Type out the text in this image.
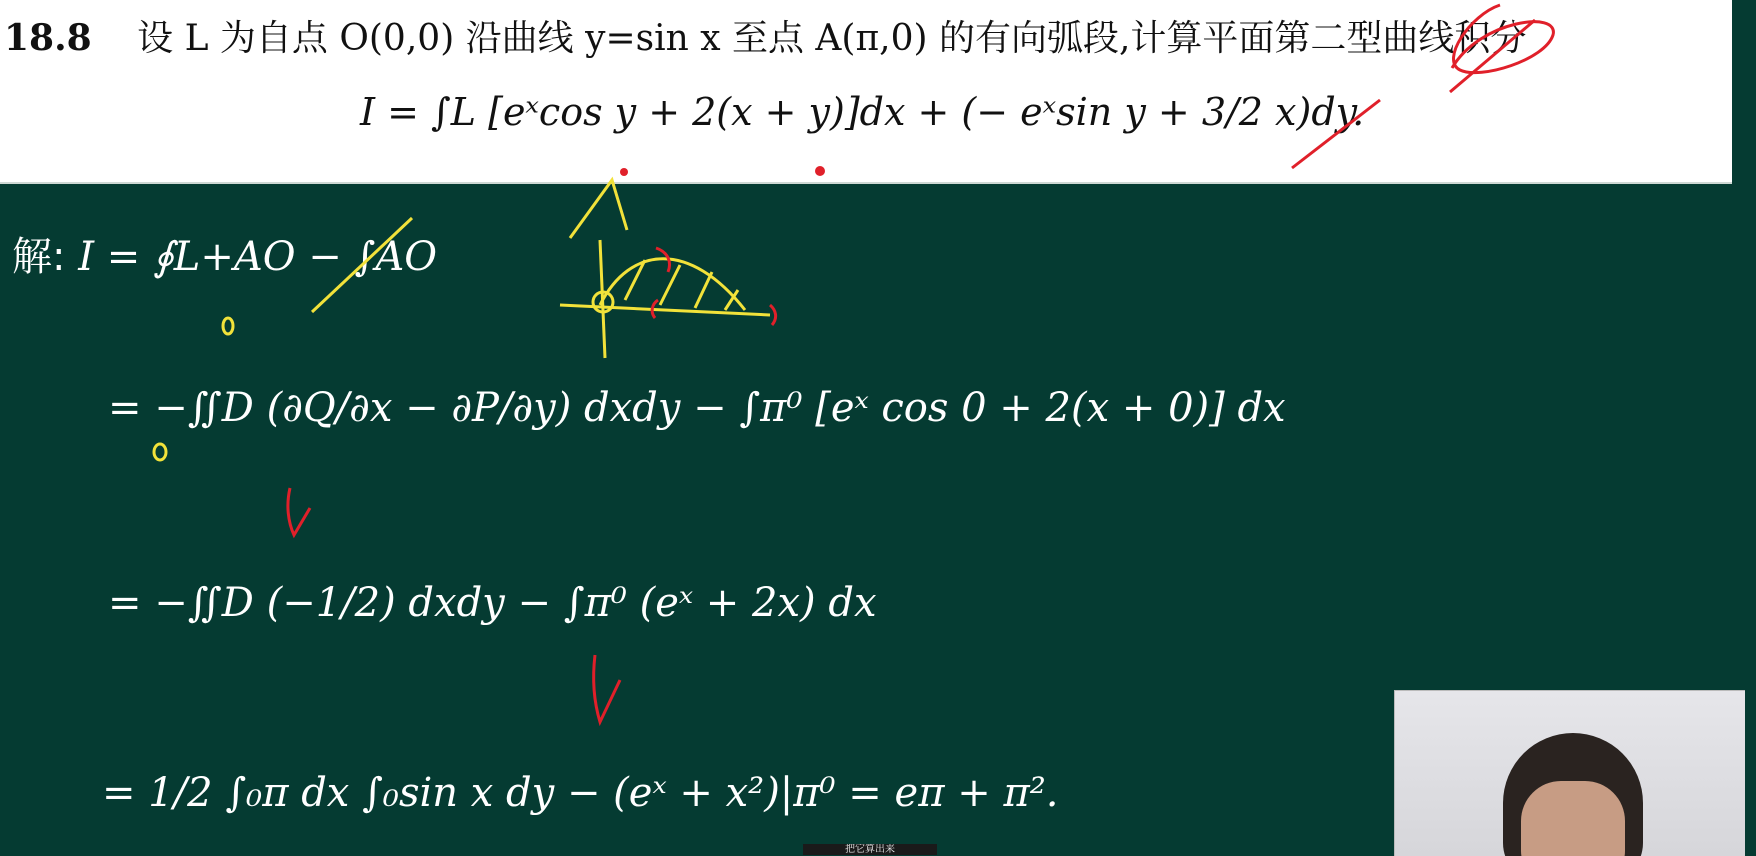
18.8 设 L 为自点 O(0,0) 沿曲线 y=sin x 至点 A(π,0) 的有向弧段,计算平面第二型曲线积分
I = ∫L [eˣcos y + 2(x + y)]dx + (− eˣsin y + 3/2 x)dy.
解: I = ∮L+AO − ∫AO
= −∬D (∂Q/∂x − ∂P/∂y) dxdy − ∫π⁰ [eˣ cos 0 + 2(x + 0)] dx
= −∬D (−1/2) dxdy − ∫π⁰ (eˣ + 2x) dx
= 1/2 ∫₀π dx ∫₀sin x dy − (eˣ + x²)|π⁰ = eπ + π².
把它算出来
